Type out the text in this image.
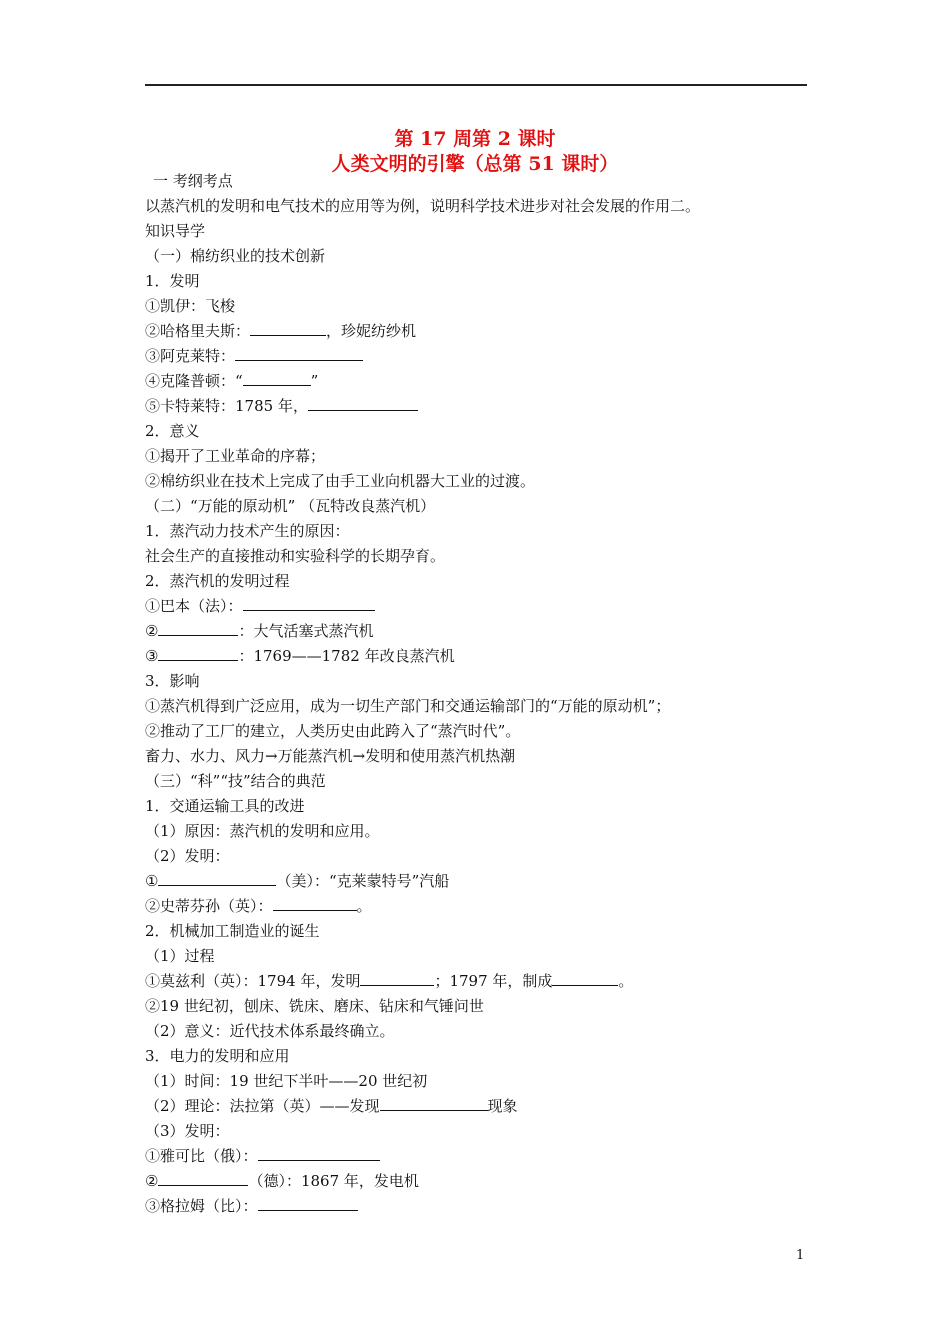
第 17 周第 2 课时
人类文明的引擎（总第 51 课时）
一 考纲考点
以蒸汽机的发明和电气技术的应用等为例，说明科学技术进步对社会发展的作用二。
知识导学
（一）棉纺织业的技术创新
1．发明
①凯伊：飞梭
②哈格里夫斯：	，珍妮纺纱机
③阿克莱特：
④克隆普顿：“	”
⑤卡特莱特：1785 年，
2．意义
①揭开了工业革命的序幕；
②棉纺织业在技术上完成了由手工业向机器大工业的过渡。
（二）“万能的原动机” （瓦特改良蒸汽机）
1．蒸汽动力技术产生的原因：
社会生产的直接推动和实验科学的长期孕育。
2．蒸汽机的发明过程
①巴本（法）：
②	：大气活塞式蒸汽机
③	：1769——1782 年改良蒸汽机
3．影响
①蒸汽机得到广泛应用，成为一切生产部门和交通运输部门的“万能的原动机”；
②推动了工厂的建立，人类历史由此跨入了“蒸汽时代”。
畜力、水力、风力→万能蒸汽机→发明和使用蒸汽机热潮
（三）“科”“技”结合的典范
1．交通运输工具的改进
（1）原因：蒸汽机的发明和应用。
（2）发明：
①	（美）：“克莱蒙特号”汽船
②史蒂芬孙（英）：	。
2．机械加工制造业的诞生
（1）过程
①莫兹利（英）：1794 年，发明	；1797 年，制成	。
②19 世纪初，刨床、铣床、磨床、钻床和气锤问世
（2）意义：近代技术体系最终确立。
3．电力的发明和应用
（1）时间：19 世纪下半叶——20 世纪初
（2）理论：法拉第（英）——发现	现象
（3）发明：
①雅可比（俄）：
②	（德）：1867 年，发电机
③格拉姆（比）：
1
